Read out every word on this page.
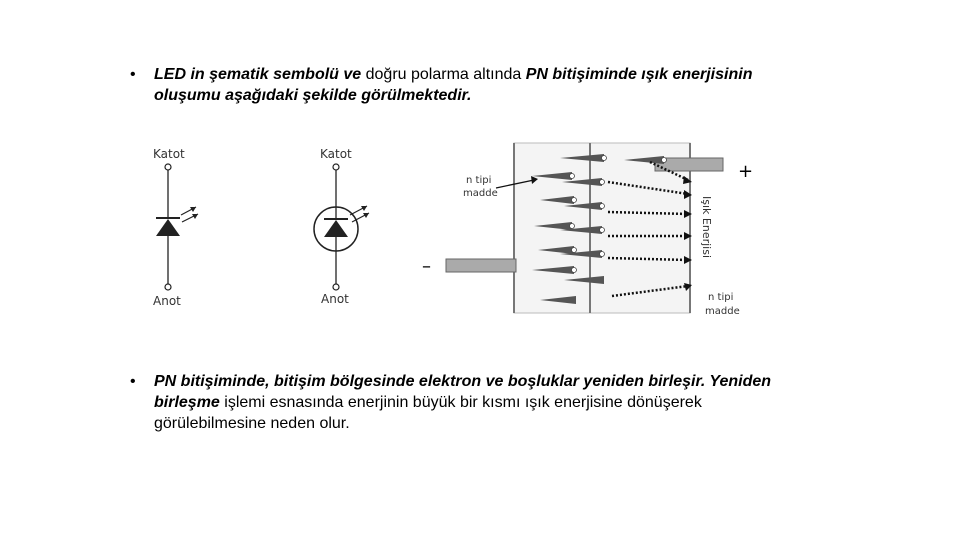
• LED in şematik sembolü ve doğru polarma altında PN bitişiminde ışık enerjisinin oluşumu aşağıdaki şekilde görülmektedir.
Katot
Anot
Katot
Anot
+
–
n tipi madde
n tipi madde
Işık Enerjisi
• PN bitişiminde, bitişim bölgesinde elektron ve boşluklar yeniden birleşir. Yeniden birleşme işlemi esnasında enerjinin büyük bir kısmı ışık enerjisine dönüşerek görülebilmesine neden olur.
